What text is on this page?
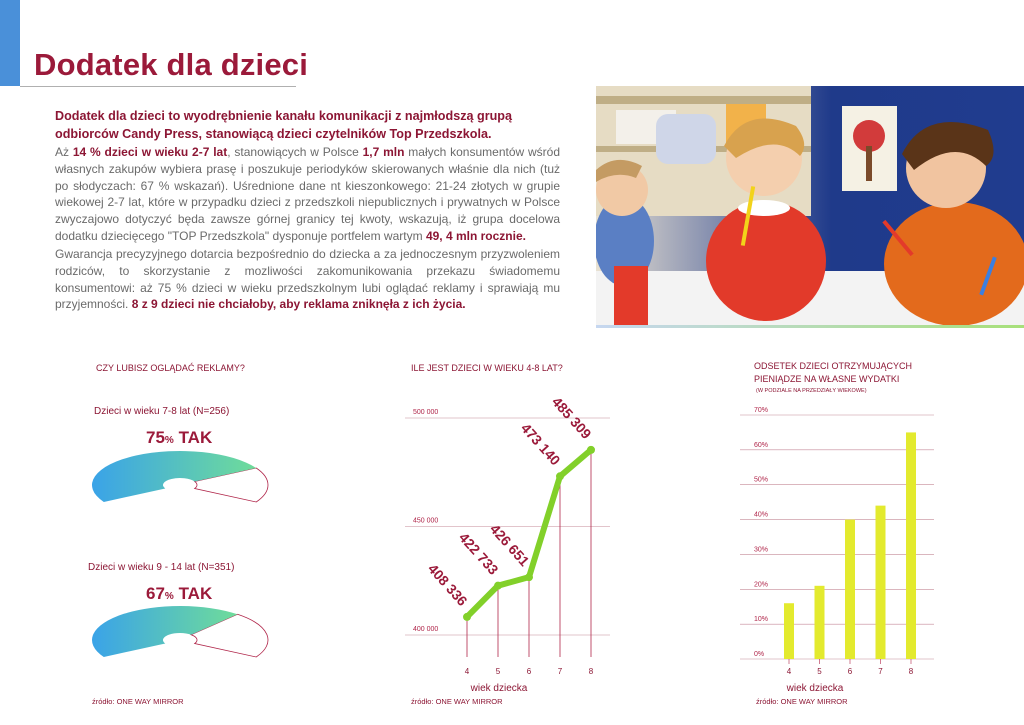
Dodatek dla dzieci
Dodatek dla dzieci to wyodrębnienie kanału komunikacji z najmłodszą grupą odbiorców Candy Press, stanowiącą dzieci czytelników Top Przedszkola.

Aż 14 % dzieci w wieku 2-7 lat, stanowiących w Polsce 1,7 mln małych konsumentów wśród własnych zakupów wybiera prasę i poszukuje periodyków skierowanych właśnie dla nich (tuż po słodyczach: 67 % wskazań). Uśrednione dane nt kieszonkowego: 21-24 złotych w grupie wiekowej 2-7 lat, które w przypadku dzieci z przedszkoli niepublicznych i prywatnych w Polsce zwyczajowo dotyczyć będa zawsze górnej granicy tej kwoty, wskazują, iż grupa docelowa dodatku dziecięcego "TOP Przedszkola" dysponuje portfelem wartym 49, 4 mln rocznie.

Gwarancja precyzyjnego dotarcia bezpośrednio do dziecka a za jednoczesnym przyzwoleniem rodziców, to skorzystanie z mozliwości zakomunikowania przekazu świadomemu konsumentowi: aż 75 % dzieci w wieku przedszkolnym lubi oglądać reklamy i sprawiają mu przyjemności. 8 z 9 dzieci nie chciałoby, aby reklama zniknęła z ich życia.

CZY LUBISZ OGLĄDAĆ REKLAMY?
Dzieci w wieku 7-8 lat (N=256)
75% TAK
Dzieci w wieku 9 - 14 lat (N=351)
67% TAK
źródło: ONE WAY MIRROR
ILE JEST DZIECI W WIEKU 4-8 LAT?
400 000
450 000
500 000
4	5	6	7	8
408 336
422 733
426 651
473 140
485 309
wiek dziecka
źródło: ONE WAY MIRROR
ODSETEK DZIECI OTRZYMUJĄCYCH PIENIĄDZE NA WŁASNE WYDATKI
(W PODZIALE NA PRZEDZIAŁY WIEKOWE)
0%
10%
20%
30%
40%
50%
60%
70%
4	5	6	7	8
wiek dziecka
źródło: ONE WAY MIRROR
